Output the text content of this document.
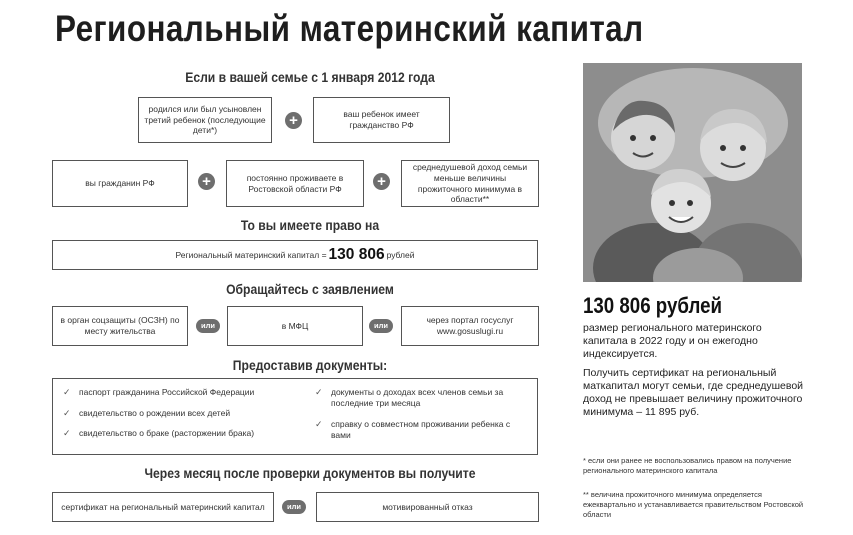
Региональный материнский капитал
Если в вашей семье с 1 января 2012 года
родился или был усыновлен третий ребенок (последующие дети*)
+	ваш ребенок имеет гражданство РФ
вы гражданин РФ	+	постоянно проживаете в Ростовской области РФ	+
среднедушевой доход семьи меньше величины прожиточного минимума в области**
То вы имеете право на
Региональный материнский капитал = 130 806 рублей
Обращайтесь с заявлением
в орган соцзащиты (ОСЗН) по месту жительства
или	в МФЦ	или
через портал госуслуг www.gosuslugi.ru
Предоставив документы:
✓ паспорт гражданина Российской Федерации
✓ свидетельство о рождении всех детей
✓ свидетельство о браке (расторжении брака)
✓ документы о доходах всех членов семьи за последние три месяца
✓ справку о совместном проживании ребенка с вами
Через месяц после проверки документов вы получите
сертификат на региональный материнский капитал	или	мотивированный отказ
130 806 рублей
размер регионального материнского капитала в 2022 году и он ежегодно индексируется.
Получить сертификат на региональный маткапитал могут семьи, где среднедушевой доход не превышает величину прожиточного минимума – 11 895 руб.
* если они ранее не воспользовались правом на получение регионального материнского капитала
** величина прожиточного минимума определяется ежеквартально и устанавливается правительством Ростовской области
